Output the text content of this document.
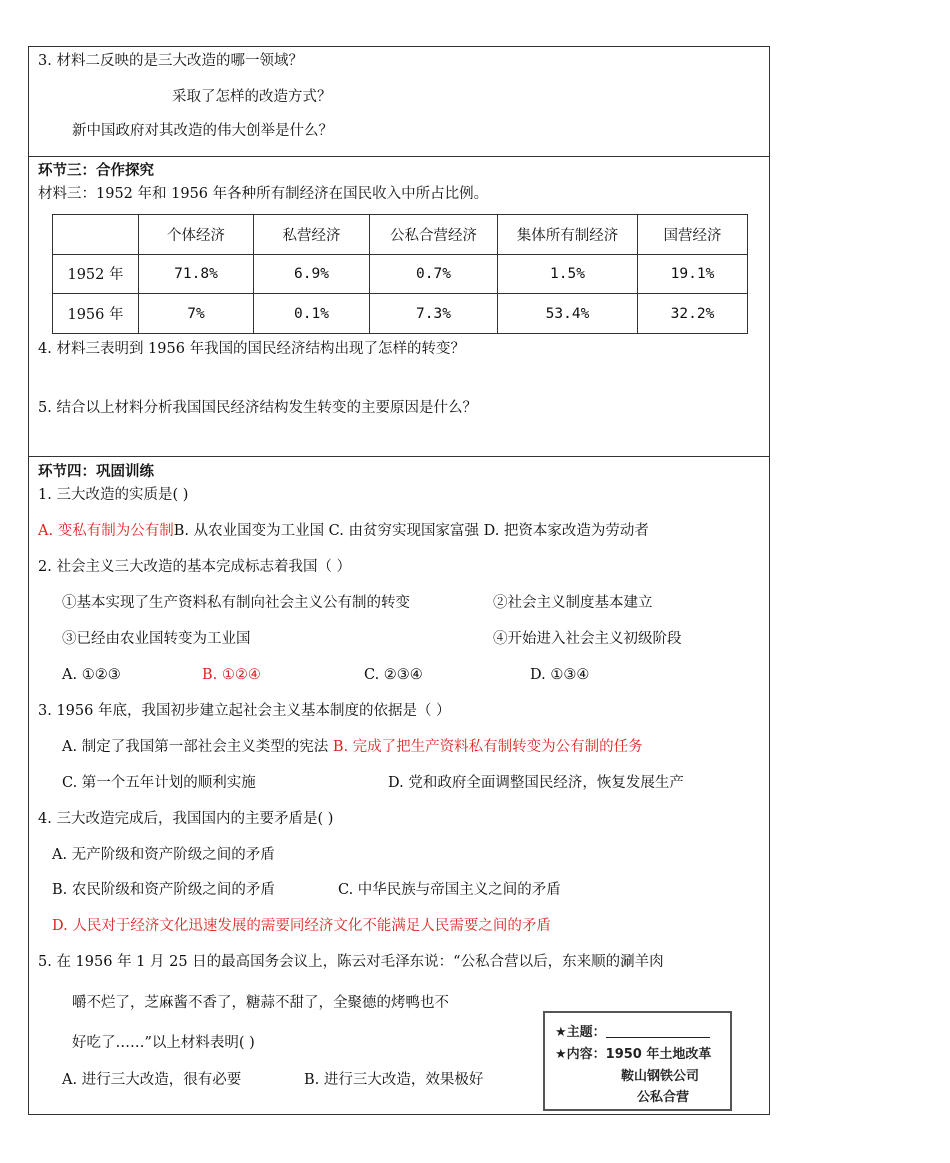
3. 材料二反映的是三大改造的哪一领域？
采取了怎样的改造方式？
新中国政府对其改造的伟大创举是什么？
环节三：合作探究
材料三：1952 年和 1956 年各种所有制经济在国民收入中所占比例。
	个体经济	私营经济	公私合营经济	集体所有制经济	国营经济
1952 年	71.8%	6.9%	0.7%	1.5%	19.1%
1956 年	7%	0.1%	7.3%	53.4%	32.2%
4. 材料三表明到 1956 年我国的国民经济结构出现了怎样的转变？
5. 结合以上材料分析我国国民经济结构发生转变的主要原因是什么？
环节四：巩固训练
1. 三大改造的实质是( )
A. 变私有制为公有制B. 从农业国变为工业国 C. 由贫穷实现国家富强 D. 把资本家改造为劳动者
2. 社会主义三大改造的基本完成标志着我国（ ）
①基本实现了生产资料私有制向社会主义公有制的转变	②社会主义制度基本建立
③已经由农业国转变为工业国	④开始进入社会主义初级阶段
A. ①②③	B. ①②④	C. ②③④	D. ①③④
3. 1956 年底，我国初步建立起社会主义基本制度的依据是（ ）
A. 制定了我国第一部社会主义类型的宪法 B. 完成了把生产资料私有制转变为公有制的任务
C. 第一个五年计划的顺利实施	D. 党和政府全面调整国民经济，恢复发展生产
4. 三大改造完成后，我国国内的主要矛盾是( )
A. 无产阶级和资产阶级之间的矛盾
B. 农民阶级和资产阶级之间的矛盾	C. 中华民族与帝国主义之间的矛盾
D. 人民对于经济文化迅速发展的需要同经济文化不能满足人民需要之间的矛盾
5. 在 1956 年 1 月 25 日的最高国务会议上，陈云对毛泽东说：“公私合营以后，东来顺的涮羊肉
嚼不烂了，芝麻酱不香了，糖蒜不甜了，全聚德的烤鸭也不
好吃了……”以上材料表明( )
A. 进行三大改造，很有必要	B. 进行三大改造，效果极好
★主题：
★内容：1950 年土地改革
鞍山钢铁公司
公私合营
